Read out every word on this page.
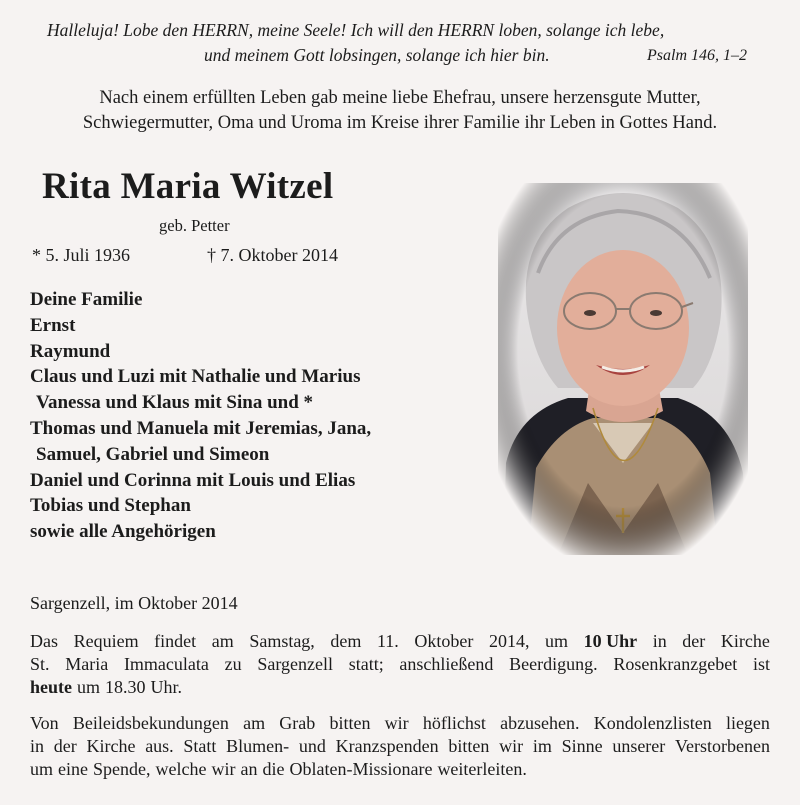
Halleluja! Lobe den HERRN, meine Seele! Ich will den HERRN loben, solange ich lebe,
und meinem Gott lobsingen, solange ich hier bin.	Psalm 146, 1–2
Nach einem erfüllten Leben gab meine liebe Ehefrau, unsere herzensgute Mutter,
Schwiegermutter, Oma und Uroma im Kreise ihrer Familie ihr Leben in Gottes Hand.
Rita Maria Witzel
geb. Petter
* 5. Juli 1936	† 7. Oktober 2014
Deine Familie
Ernst
Raymund
Claus und Luzi mit Nathalie und Marius
Vanessa und Klaus mit Sina und *
Thomas und Manuela mit Jeremias, Jana,
Samuel, Gabriel und Simeon
Daniel und Corinna mit Louis und Elias
Tobias und Stephan
sowie alle Angehörigen
Sargenzell, im Oktober 2014
Das Requiem findet am Samstag, dem 11. Oktober 2014, um 10 Uhr in der Kirche
St. Maria Immaculata zu Sargenzell statt; anschließend Beerdigung. Rosenkranzgebet ist
heute um 18.30 Uhr.
Von Beileidsbekundungen am Grab bitten wir höflichst abzusehen. Kondolenzlisten liegen
in der Kirche aus. Statt Blumen- und Kranzspenden bitten wir im Sinne unserer Verstorbenen
um eine Spende, welche wir an die Oblaten-Missionare weiterleiten.
